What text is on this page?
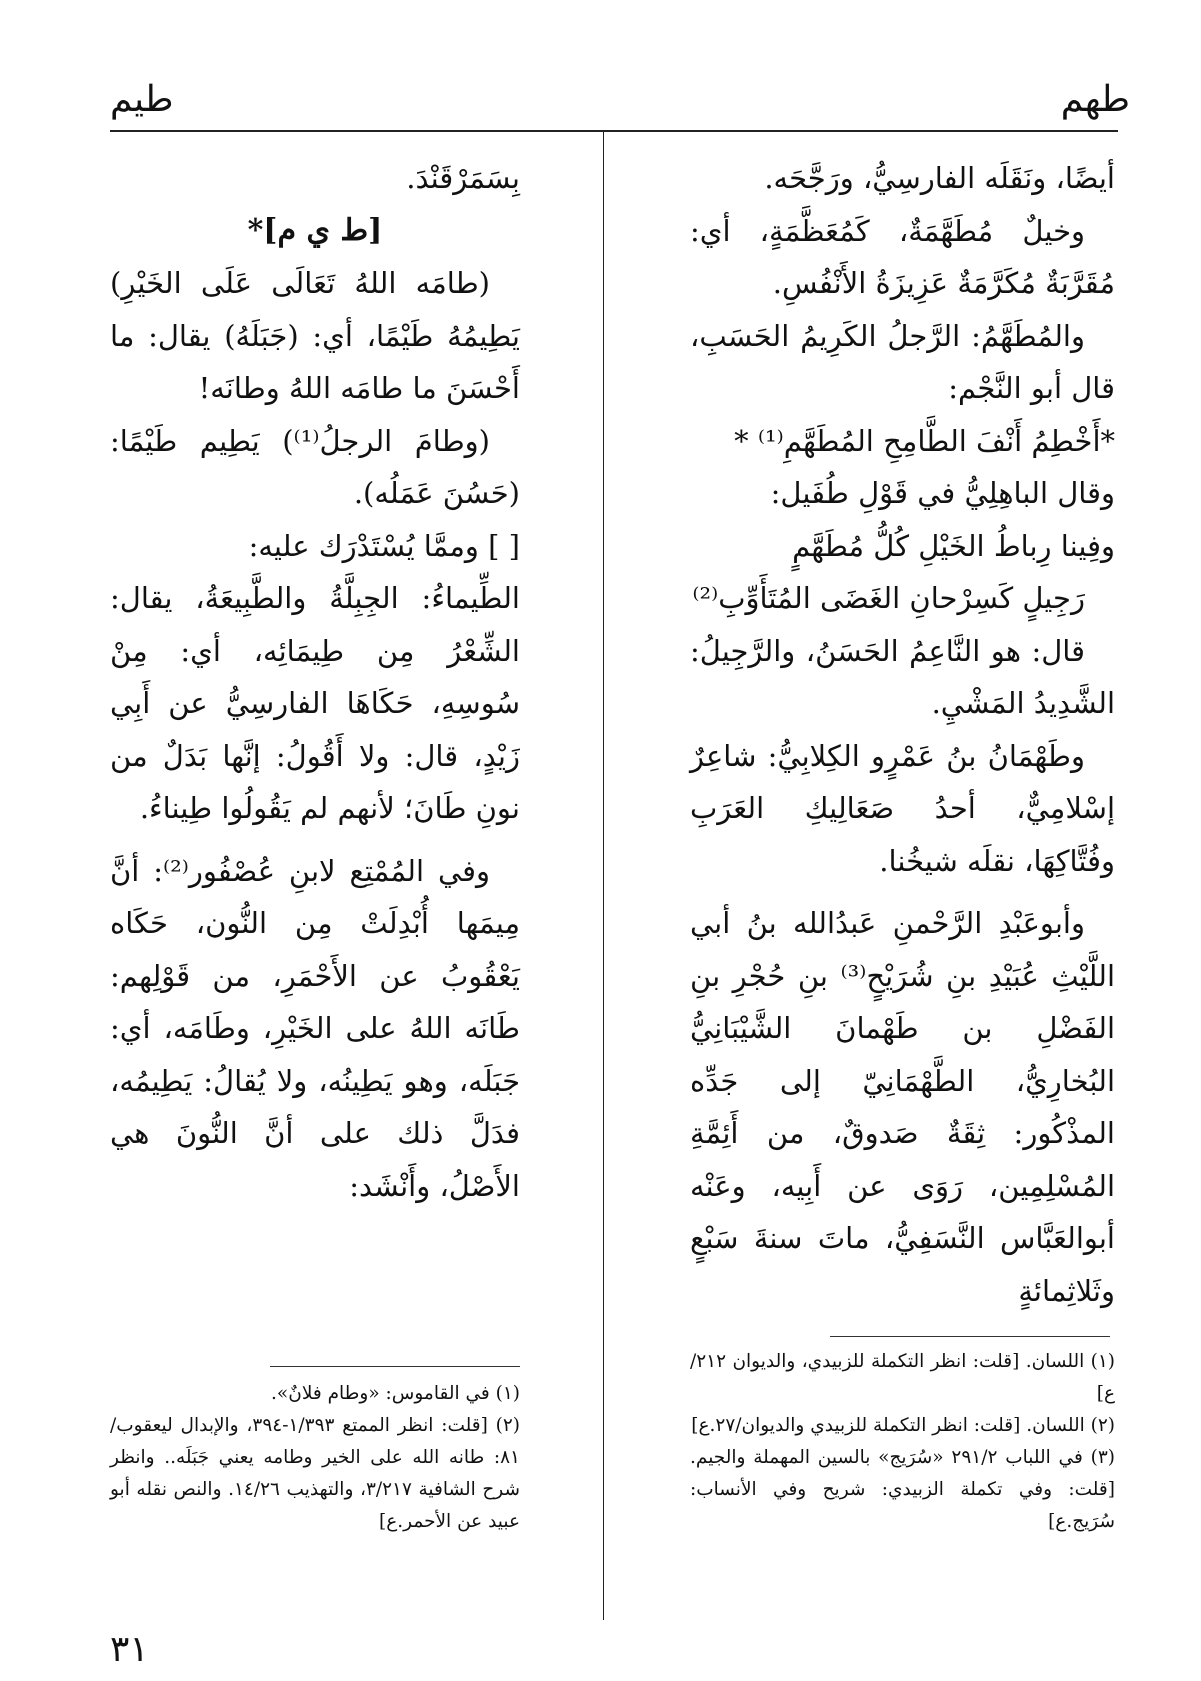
طهم
طيم

أيضًا، ونَقَلَه الفارسِيُّ، ورَجَّحَه.

وخيلٌ مُطَهَّمَةٌ، كَمُعَظَّمَةٍ، أي: مُقَرَّبَةٌ مُكَرَّمَةٌ عَزِيزَةُ الأَنْفُسِ.

والمُطَهَّمُ: الرَّجلُ الكَرِيمُ الحَسَبِ، قال أبو النَّجْم:

*أَخْطِمُ أَنْفَ الطَّامِحِ المُطَهَّمِ⁽¹⁾ *

وقال الباهِلِيُّ في قَوْلِ طُفَيل:

وفِينا رِباطُ الخَيْلِ كُلُّ مُطَهَّمٍ

رَجِيلٍ كَسِرْحانِ الغَضَى المُتَأَوِّبِ⁽²⁾

قال: هو النَّاعِمُ الحَسَنُ، والرَّجِيلُ: الشَّدِيدُ المَشْيِ.

وطَهْمَانُ بنُ عَمْرٍو الكِلابِيُّ: شاعِرٌ إسْلامِيٌّ، أحدُ صَعَالِيكِ العَرَبِ وفُتَّاكِهَا، نقلَه شيخُنا.

وأبوعَبْدِ الرَّحْمنِ عَبدُالله بنُ أبي اللَّيْثِ عُبَيْدِ بنِ شُرَيْحٍ⁽³⁾ بنِ حُجْرِ بنِ الفَضْلِ بن طَهْمانَ الشَّيْبَانِيُّ البُخارِيُّ، الطَّهْمَانِيّ إلى جَدِّه المذْكُور: ثِقَةٌ صَدوقٌ، من أَئِمَّةِ المُسْلِمِين، رَوَى عن أَبِيه، وعَنْه أبوالعَبَّاس النَّسَفِيُّ، ماتَ سنةَ سَبْعٍ وثَلاثِمائةٍ

بِسَمَرْقَنْدَ.

[ط ي م]*

(طامَه اللهُ تَعَالَى عَلَى الخَيْرِ) يَطِيمُهُ طَيْمًا، أي: (جَبَلَهُ) يقال: ما أَحْسَنَ ما طامَه اللهُ وطانَه!

(وطامَ الرجلُ⁽¹⁾) يَطِيم طَيْمًا: (حَسُنَ عَمَلُه).

[ ] وممَّا يُسْتَدْرَك عليه:

الطِّيماءُ: الجِبِلَّةُ والطَّبِيعَةُ، يقال: الشِّعْرُ مِن طِيمَائِه، أي: مِنْ سُوسِهِ، حَكَاهَا الفارسِيُّ عن أَبِي زَيْدٍ، قال: ولا أَقُولُ: إنَّها بَدَلٌ من نونِ طَانَ؛ لأنهم لم يَقُولُوا طِيناءُ.

وفي المُمْتِع لابنِ عُصْفُور⁽²⁾: أنَّ مِيمَها أُبْدِلَتْ مِن النُّون، حَكَاه يَعْقُوبُ عن الأَحْمَرِ، من قَوْلِهم: طَانَه اللهُ على الخَيْرِ، وطَامَه، أي: جَبَلَه، وهو يَطِينُه، ولا يُقالُ: يَطِيمُه، فدَلَّ ذلك على أنَّ النُّونَ هي الأَصْلُ، وأَنْشَد:

(١) اللسان. [قلت: انظر التكملة للزبيدي، والديوان ٢١٢/ع]

(٢) اللسان. [قلت: انظر التكملة للزبيدي والديوان/٢٧.ع]

(٣) في اللباب ٢٩١/٢ «سُرَيج» بالسين المهملة والجيم. [قلت: وفي تكملة الزبيدي: شريح وفي الأنساب: سُرَيج.ع]

(١) في القاموس: «وطام فلانٌ».

(٢) [قلت: انظر الممتع ١/٣٩٣-٣٩٤، والإبدال ليعقوب/٨١: طانه الله على الخير وطامه يعني جَبَلَه.. وانظر شرح الشافية ٣/٢١٧، والتهذيب ١٤/٢٦. والنص نقله أبو عبيد عن الأحمر.ع]

٣١
